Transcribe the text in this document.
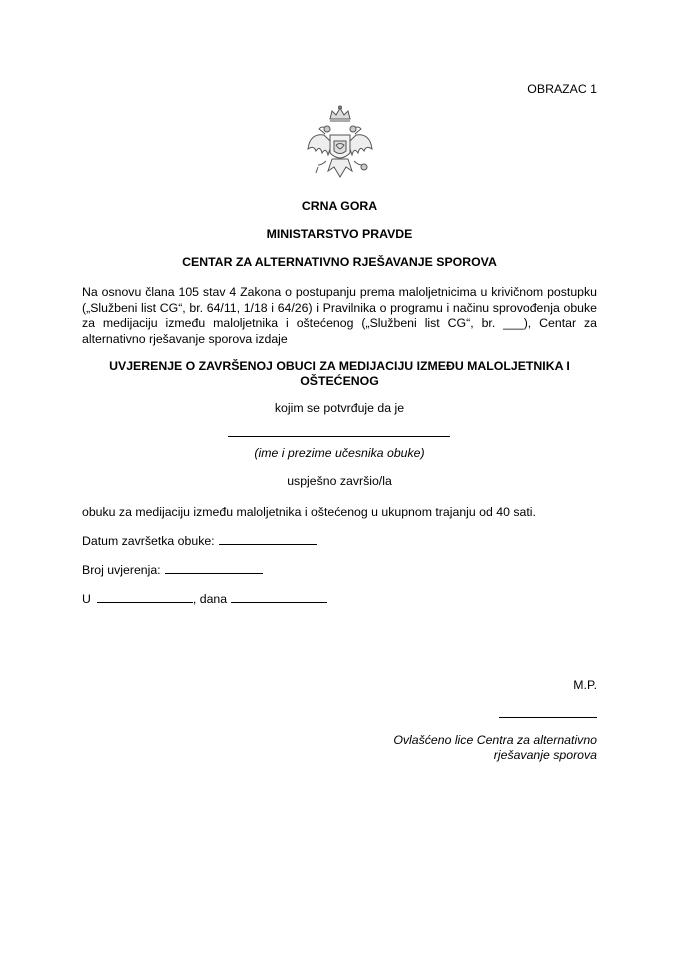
OBRAZAC 1
CRNA GORA
MINISTARSTVO PRAVDE
CENTAR ZA ALTERNATIVNO RJEŠAVANJE SPOROVA
Na osnovu člana 105 stav 4 Zakona o postupanju prema maloljetnicima u krivičnom postupku („Službeni list CG“, br. 64/11, 1/18 i 64/26) i Pravilnika o programu i načinu sprovođenja obuke za medijaciju između maloljetnika i oštećenog („Službeni list CG“, br. ___), Centar za alternativno rješavanje sporova izdaje
UVJERENJE O ZAVRŠENOJ OBUCI ZA MEDIJACIJU IZMEĐU MALOLJETNIKA I OŠTEĆENOG
kojim se potvrđuje da je
(ime i prezime učesnika obuke)
uspješno završio/la
obuku za medijaciju između maloljetnika i oštećenog u ukupnom trajanju od 40 sati.
Datum završetka obuke:
Broj uvjerenja:
U	, dana
M.P.
Ovlašćeno lice Centra za alternativno rješavanje sporova
